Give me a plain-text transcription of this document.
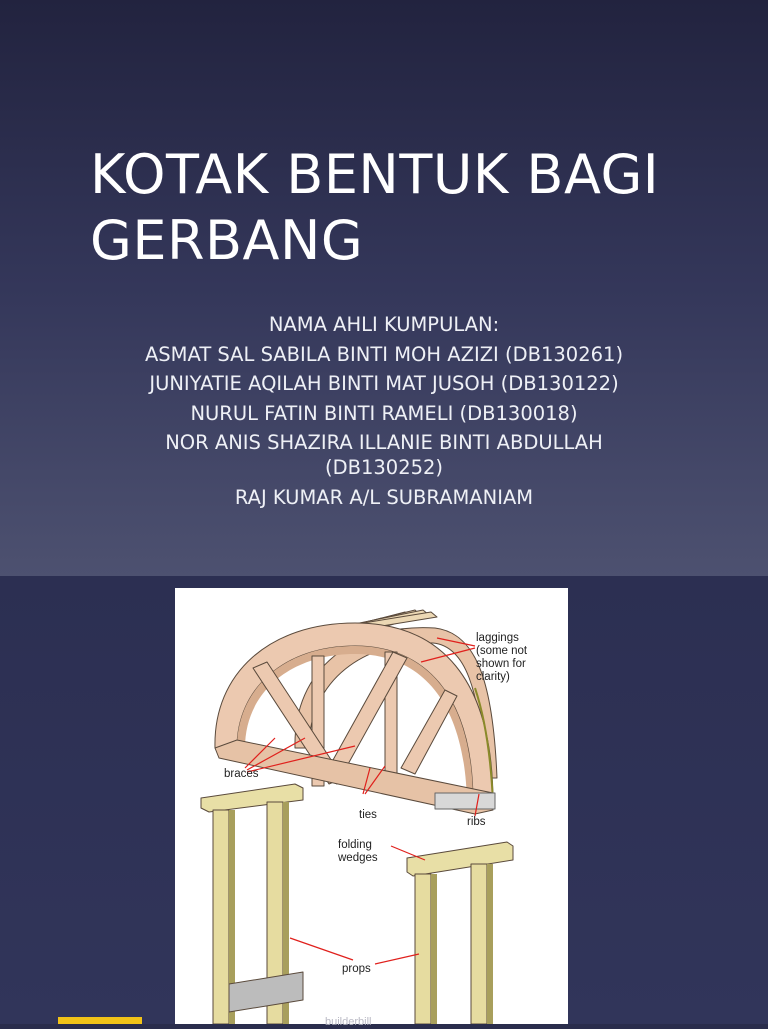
KOTAK BENTUK BAGI GERBANG
NAMA AHLI KUMPULAN:
ASMAT SAL SABILA BINTI MOH AZIZI (DB130261)
JUNIYATIE AQILAH BINTI MAT JUSOH (DB130122)
NURUL FATIN BINTI RAMELI (DB130018)
NOR ANIS SHAZIRA ILLANIE BINTI ABDULLAH
(DB130252)
RAJ KUMAR A/L SUBRAMANIAM
laggings
(some not
shown for
clarity)
braces
ties
ribs
folding
wedges
props
builderbill
